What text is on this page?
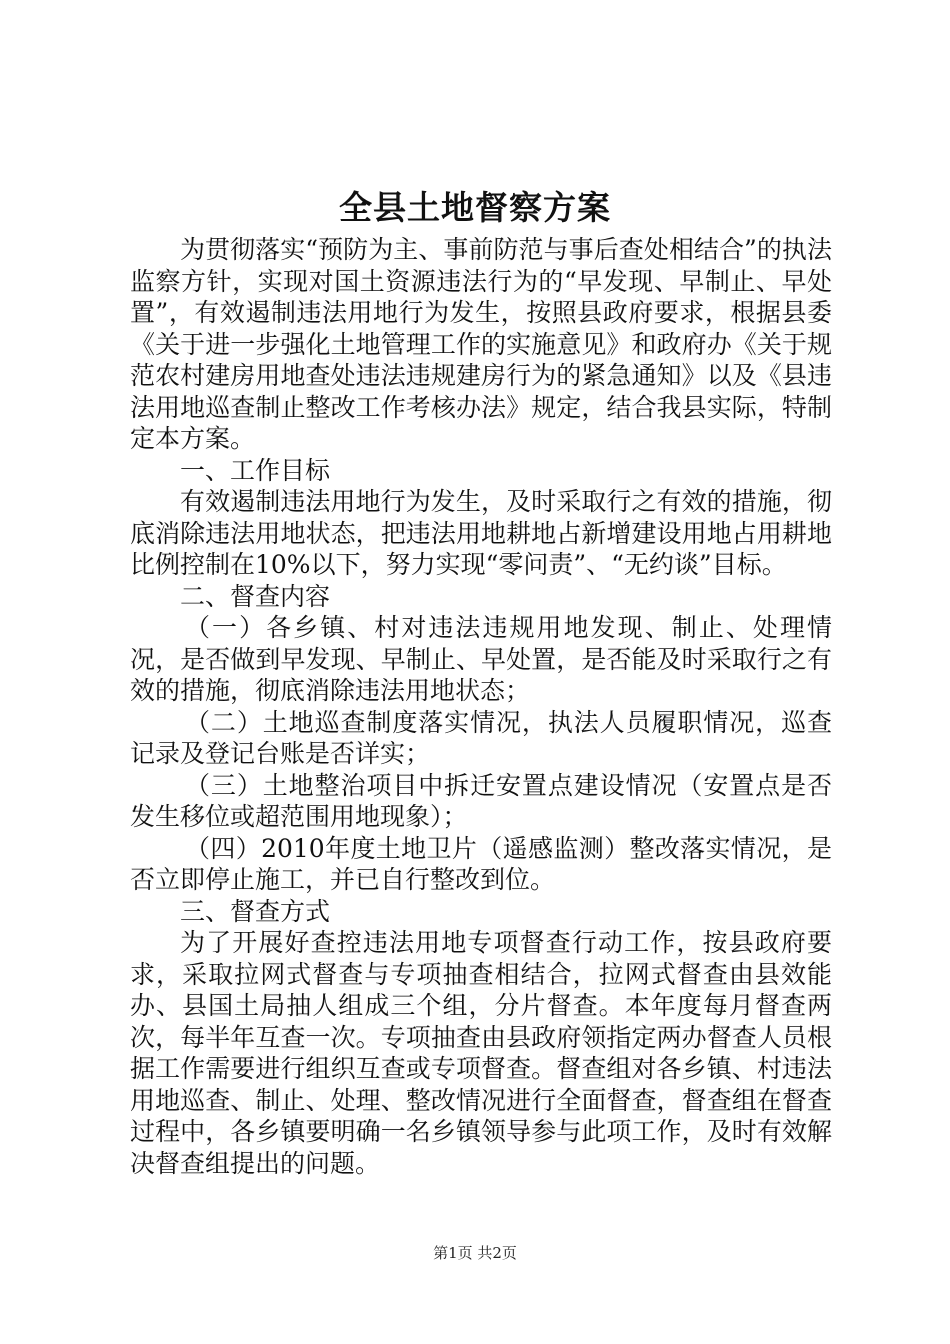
全县土地督察方案

为贯彻落实“预防为主、事前防范与事后查处相结合”的执法监察方针，实现对国土资源违法行为的“早发现、早制止、早处置”，有效遏制违法用地行为发生，按照县政府要求，根据县委《关于进一步强化土地管理工作的实施意见》和政府办《关于规范农村建房用地查处违法违规建房行为的紧急通知》以及《县违法用地巡查制止整改工作考核办法》规定，结合我县实际，特制定本方案。

一、工作目标

有效遏制违法用地行为发生，及时采取行之有效的措施，彻底消除违法用地状态，把违法用地耕地占新增建设用地占用耕地比例控制在10%以下，努力实现“零问责”、“无约谈”目标。

二、督查内容

（一）各乡镇、村对违法违规用地发现、制止、处理情况，是否做到早发现、早制止、早处置，是否能及时采取行之有效的措施，彻底消除违法用地状态；

（二）土地巡查制度落实情况，执法人员履职情况，巡查记录及登记台账是否详实；

（三）土地整治项目中拆迁安置点建设情况（安置点是否发生移位或超范围用地现象）；

（四）2010年度土地卫片（遥感监测）整改落实情况，是否立即停止施工，并已自行整改到位。

三、督查方式

为了开展好查控违法用地专项督查行动工作，按县政府要求，采取拉网式督查与专项抽查相结合，拉网式督查由县效能办、县国土局抽人组成三个组，分片督查。本年度每月督查两次，每半年互查一次。专项抽查由县政府领指定两办督查人员根据工作需要进行组织互查或专项督查。督查组对各乡镇、村违法用地巡查、制止、处理、整改情况进行全面督查，督查组在督查过程中，各乡镇要明确一名乡镇领导参与此项工作，及时有效解决督查组提出的问题。

第1页 共2页
